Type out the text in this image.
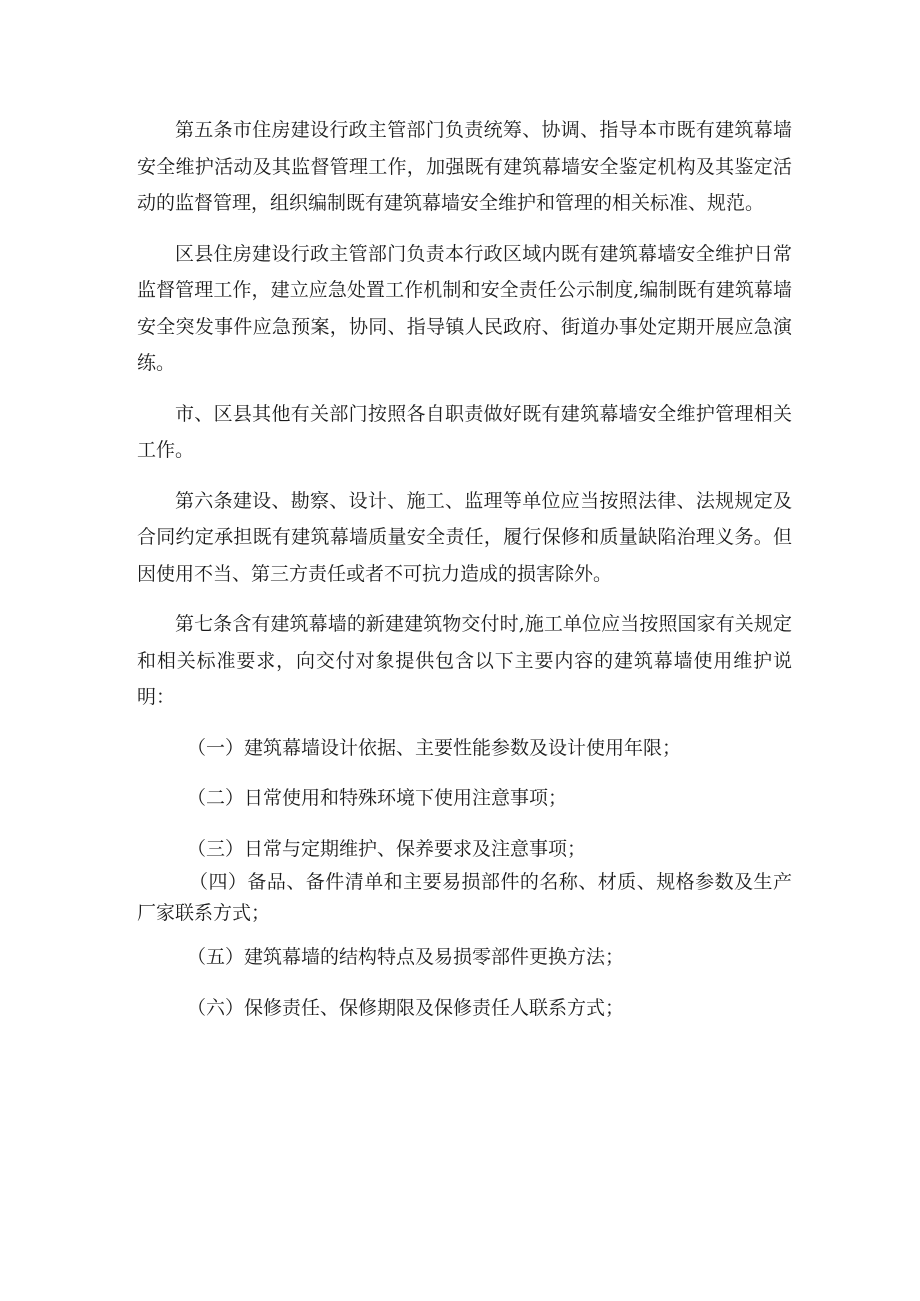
第五条市住房建设行政主管部门负责统筹、协调、指导本市既有建筑幕墙安全维护活动及其监督管理工作，加强既有建筑幕墙安全鉴定机构及其鉴定活动的监督管理，组织编制既有建筑幕墙安全维护和管理的相关标准、规范。

区县住房建设行政主管部门负责本行政区域内既有建筑幕墙安全维护日常监督管理工作，建立应急处置工作机制和安全责任公示制度,编制既有建筑幕墙安全突发事件应急预案，协同、指导镇人民政府、街道办事处定期开展应急演练。

市、区县其他有关部门按照各自职责做好既有建筑幕墙安全维护管理相关工作。

第六条建设、勘察、设计、施工、监理等单位应当按照法律、法规规定及合同约定承担既有建筑幕墙质量安全责任，履行保修和质量缺陷治理义务。但因使用不当、第三方责任或者不可抗力造成的损害除外。

第七条含有建筑幕墙的新建建筑物交付时,施工单位应当按照国家有关规定和相关标准要求，向交付对象提供包含以下主要内容的建筑幕墙使用维护说明：

（一）建筑幕墙设计依据、主要性能参数及设计使用年限；

（二）日常使用和特殊环境下使用注意事项；

（三）日常与定期维护、保养要求及注意事项；

（四）备品、备件清单和主要易损部件的名称、材质、规格参数及生产厂家联系方式；

（五）建筑幕墙的结构特点及易损零部件更换方法；

（六）保修责任、保修期限及保修责任人联系方式；
